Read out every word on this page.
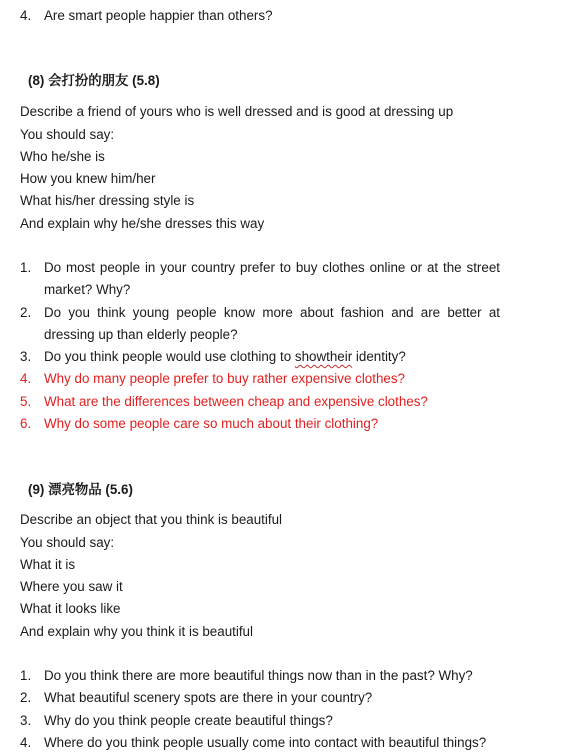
4. Are smart people happier than others?
(8) 会打扮的朋友 (5.8)
Describe a friend of yours who is well dressed and is good at dressing up
You should say:
Who he/she is
How you knew him/her
What his/her dressing style is
And explain why he/she dresses this way
1. Do most people in your country prefer to buy clothes online or at the street market? Why?
2. Do you think young people know more about fashion and are better at dressing up than elderly people?
3. Do you think people would use clothing to showtheir identity?
4. Why do many people prefer to buy rather expensive clothes?
5. What are the differences between cheap and expensive clothes?
6. Why do some people care so much about their clothing?
(9) 漂亮物品 (5.6)
Describe an object that you think is beautiful
You should say:
What it is
Where you saw it
What it looks like
And explain why you think it is beautiful
1. Do you think there are more beautiful things now than in the past? Why?
2. What beautiful scenery spots are there in your country?
3. Why do you think people create beautiful things?
4. Where do you think people usually come into contact with beautiful things?
